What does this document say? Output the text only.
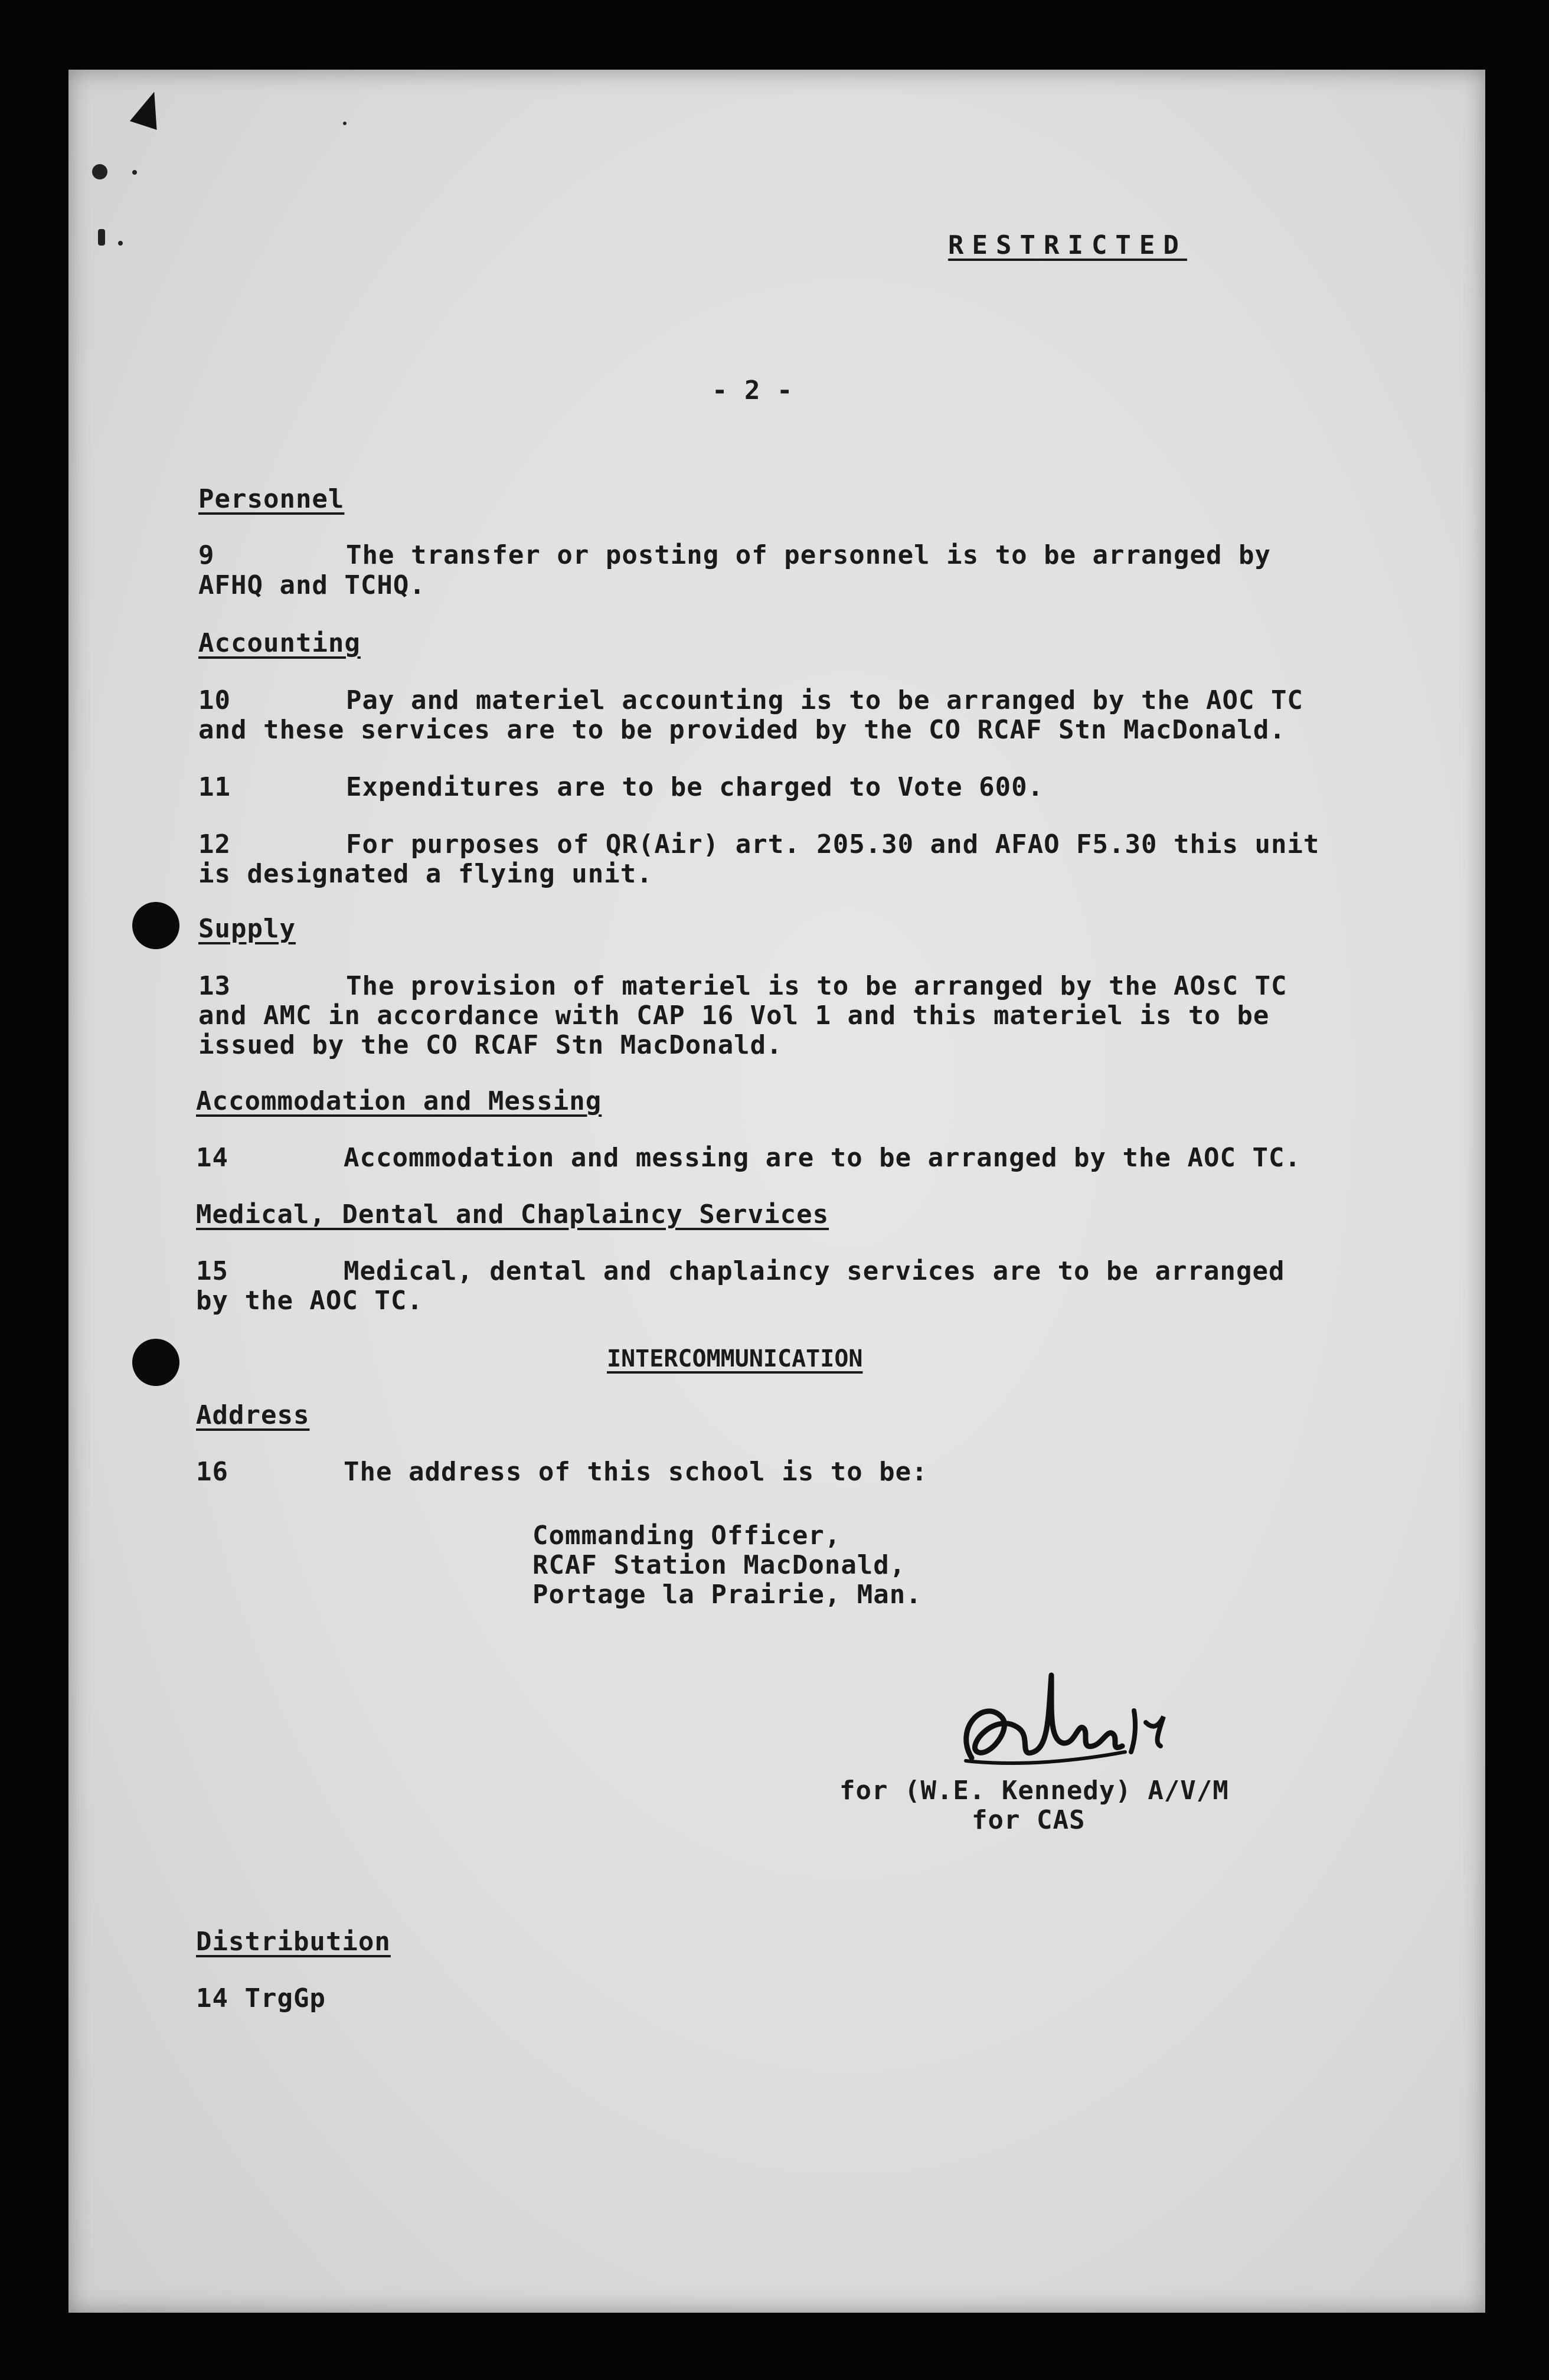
RESTRICTED
- 2 -
Personnel
9	The transfer or posting of personnel is to be arranged by
AFHQ and TCHQ.
Accounting
10	Pay and materiel accounting is to be arranged by the AOC TC
and these services are to be provided by the CO RCAF Stn MacDonald.
11	Expenditures are to be charged to Vote 600.
12	For purposes of QR(Air) art. 205.30 and AFAO F5.30 this unit
is designated a flying unit.
Supply
13	The provision of materiel is to be arranged by the AOsC TC
and AMC in accordance with CAP 16 Vol 1 and this materiel is to be
issued by the CO RCAF Stn MacDonald.
Accommodation and Messing
14	Accommodation and messing are to be arranged by the AOC TC.
Medical, Dental and Chaplaincy Services
15	Medical, dental and chaplaincy services are to be arranged
by the AOC TC.
INTERCOMMUNICATION
Address
16	The address of this school is to be:
Commanding Officer,
RCAF Station MacDonald,
Portage la Prairie, Man.
for (W.E. Kennedy) A/V/M
for CAS
Distribution
14 TrgGp
